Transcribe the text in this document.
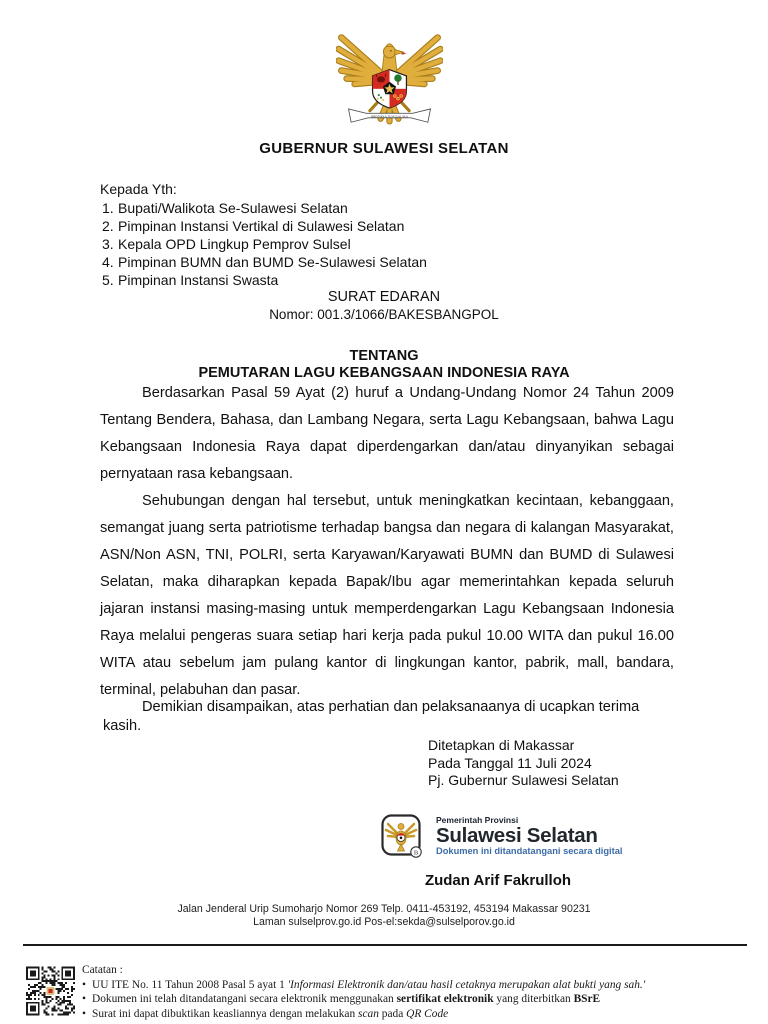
BHINNEKA TUNGGAL IKA
GUBERNUR SULAWESI SELATAN
Kepada Yth:
1. Bupati/Walikota Se-Sulawesi Selatan
2. Pimpinan Instansi Vertikal di Sulawesi Selatan
3. Kepala OPD Lingkup Pemprov Sulsel
4. Pimpinan BUMN dan BUMD Se-Sulawesi Selatan
5. Pimpinan Instansi Swasta
SURAT EDARAN
Nomor: 001.3/1066/BAKESBANGPOL
TENTANG
PEMUTARAN LAGU KEBANGSAAN INDONESIA RAYA
Berdasarkan Pasal 59 Ayat (2) huruf a Undang-Undang Nomor 24 Tahun 2009 Tentang Bendera, Bahasa, dan Lambang Negara, serta Lagu Kebangsaan, bahwa Lagu Kebangsaan Indonesia Raya dapat diperdengarkan dan/atau dinyanyikan sebagai pernyataan rasa kebangsaan.
Sehubungan dengan hal tersebut, untuk meningkatkan kecintaan, kebanggaan, semangat juang serta patriotisme terhadap bangsa dan negara di kalangan Masyarakat, ASN/Non ASN, TNI, POLRI, serta Karyawan/Karyawati BUMN dan BUMD di Sulawesi Selatan, maka diharapkan kepada Bapak/Ibu agar memerintahkan kepada seluruh jajaran instansi masing-masing untuk memperdengarkan Lagu Kebangsaan Indonesia Raya melalui pengeras suara setiap hari kerja pada pukul 10.00 WITA dan pukul 16.00 WITA atau sebelum jam pulang kantor di lingkungan kantor, pabrik, mall, bandara, terminal, pelabuhan dan pasar.
Demikian disampaikan, atas perhatian dan pelaksanaanya di ucapkan terima
kasih.
Ditetapkan di Makassar
Pada Tanggal 11 Juli 2024
Pj. Gubernur Sulawesi Selatan
B
Pemerintah Provinsi
Sulawesi Selatan
Dokumen ini ditandatangani secara digital
Zudan Arif Fakrulloh
Jalan Jenderal Urip Sumoharjo Nomor 269 Telp. 0411-453192, 453194 Makassar 90231
Laman sulselprov.go.id Pos-el:sekda@sulselporov.go.id
Catatan :
• UU ITE No. 11 Tahun 2008 Pasal 5 ayat 1 'Informasi Elektronik dan/atau hasil cetaknya merupakan alat bukti yang sah.'
• Dokumen ini telah ditandatangani secara elektronik menggunakan sertifikat elektronik yang diterbitkan BSrE
• Surat ini dapat dibuktikan keasliannya dengan melakukan scan pada QR Code
